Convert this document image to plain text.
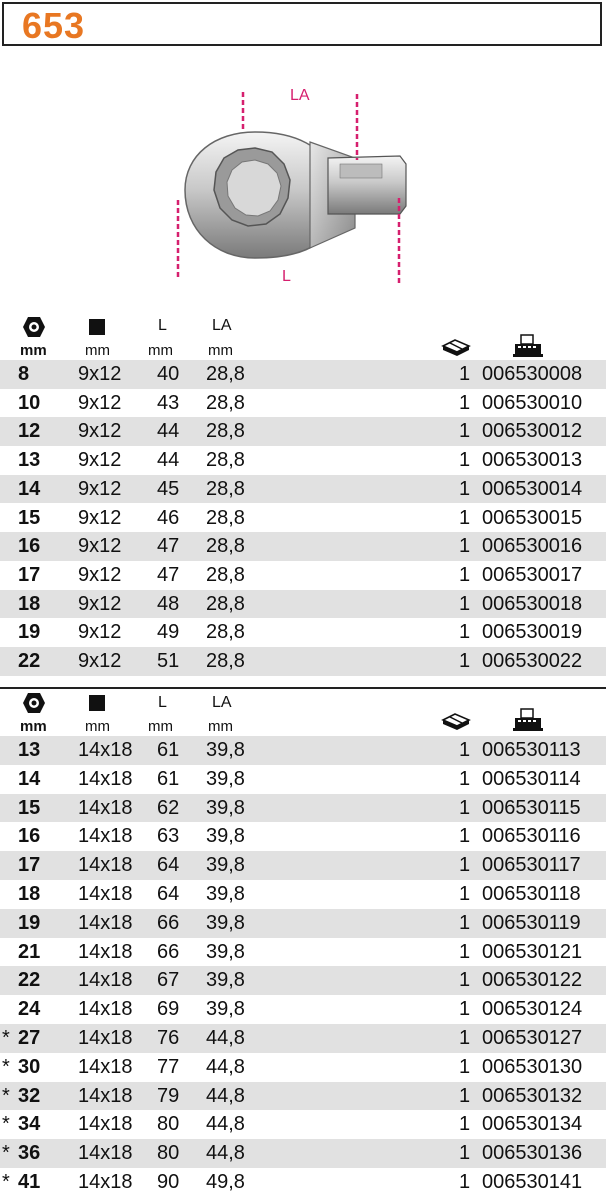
653
LA
L
L	LA
mm	mm	mm mm
8 9x12 40 28,8	1 006530008
10 9x12 43 28,8	1 006530010
12 9x12 44 28,8	1 006530012
13 9x12 44 28,8	1 006530013
14 9x12 45 28,8	1 006530014
15 9x12 46 28,8	1 006530015
16 9x12 47 28,8	1 006530016
17 9x12 47 28,8	1 006530017
18 9x12 48 28,8	1 006530018
19 9x12 49 28,8	1 006530019
22 9x12 51 28,8	1 006530022
L	LA
mm	mm	mm mm
13 14x18 61 39,8	1 006530113
14 14x18 61 39,8	1 006530114
15 14x18 62 39,8	1 006530115
16 14x18 63 39,8	1 006530116
17 14x18 64 39,8	1 006530117
18 14x18 64 39,8	1 006530118
19 14x18 66 39,8	1 006530119
21 14x18 66 39,8	1 006530121
22 14x18 67 39,8	1 006530122
24 14x18 69 39,8	1 006530124
* 27 14x18 76 44,8	1 006530127
* 30 14x18 77 44,8	1 006530130
* 32 14x18 79 44,8	1 006530132
* 34 14x18 80 44,8	1 006530134
* 36 14x18 80 44,8	1 006530136
* 41 14x18 90 49,8	1 006530141
